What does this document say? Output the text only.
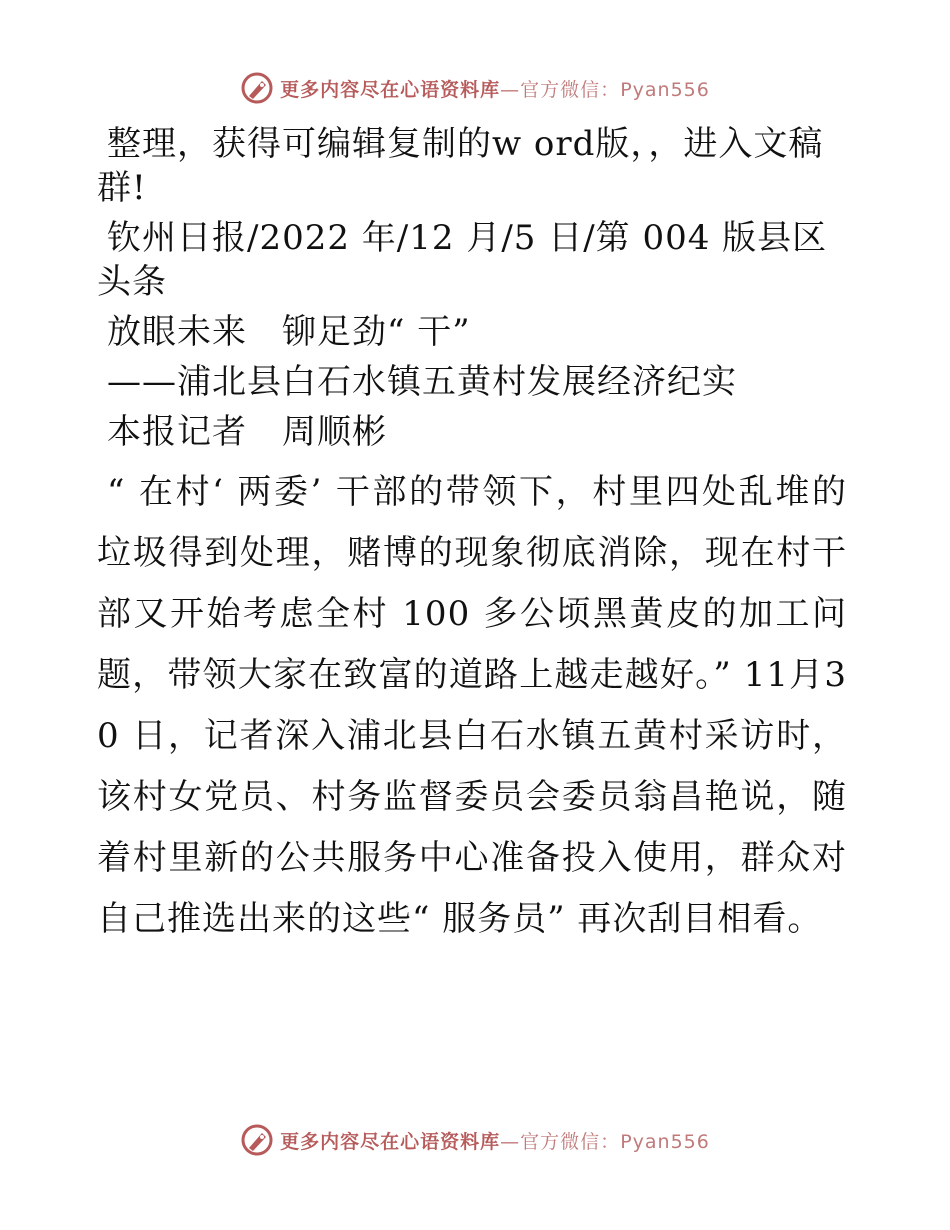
更多内容尽在心语资料库—官方微信：Pyan556

整理，获得可编辑复制的w ord版，，进入文稿群!

钦州日报/2022 年/12 月/5 日/第 004 版县区头条

放眼未来　铆足劲“ 干”

——浦北县白石水镇五黄村发展经济纪实

本报记者　周顺彬

“ 在村‘ 两委’ 干部的带领下，村里四处乱堆的垃圾得到处理，赌博的现象彻底消除，现在村干部又开始考虑全村 100 多公顷黑黄皮的加工问题，带领大家在致富的道路上越走越好。” 11月30 日，记者深入浦北县白石水镇五黄村采访时，该村女党员、村务监督委员会委员翁昌艳说，随着村里新的公共服务中心准备投入使用，群众对自己推选出来的这些“ 服务员” 再次刮目相看。

更多内容尽在心语资料库—官方微信：Pyan556
